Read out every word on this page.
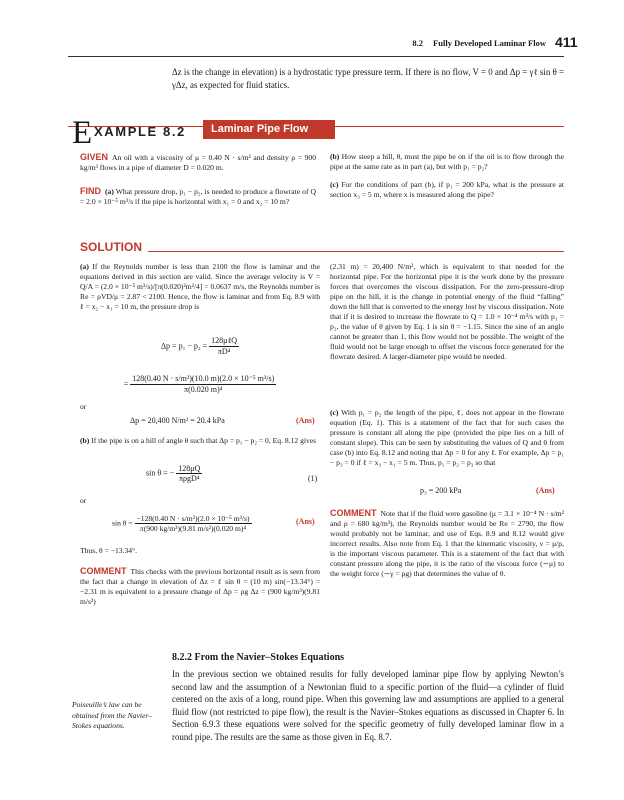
8.2 Fully Developed Laminar Flow 411
Δz is the change in elevation) is a hydrostatic type pressure term. If there is no flow, V = 0 and Δp = γℓ sin θ = γΔz, as expected for fluid statics.
E XAMPLE 8.2	Laminar Pipe Flow
GIVEN An oil with a viscosity of μ = 0.40 N · s/m² and density ρ = 900 kg/m³ flows in a pipe of diameter D = 0.020 m.
FIND (a) What pressure drop, p₁ − p₂, is needed to produce a flowrate of Q = 2.0 × 10⁻⁵ m³/s if the pipe is horizontal with x₁ = 0 and x₂ = 10 m?
(b) How steep a hill, θ, must the pipe be on if the oil is to flow through the pipe at the same rate as in part (a), but with p₁ = p₂?
(c) For the conditions of part (b), if p₁ = 200 kPa, what is the pressure at section x₃ = 5 m, where x is measured along the pipe?
SOLUTION
(a) If the Reynolds number is less than 2100 the flow is laminar and the equations derived in this section are valid. Since the average velocity is V = Q/A = (2.0 × 10⁻⁵ m³/s)/[π(0.020)²m²/4] = 0.0637 m/s, the Reynolds number is Re = ρVD/μ = 2.87 < 2100. Hence, the flow is laminar and from Eq. 8.9 with ℓ = x₂ − x₁ = 10 m, the pressure drop is
$\Delta p = p_1 - p_2 = \frac{\text{128μℓQ}}{\text{πD⁴}}$
= $\frac{\text{128(0.40 N · s/m²)(10.0 m)(2.0 × 10⁻⁵ m³/s)}}{\text{π(0.020 m)⁴}}$
or
Δp = 20,400 N/m² = 20.4 kPa	(Ans)
(b) If the pipe is on a hill of angle θ such that Δp = p₁ − p₂ = 0, Eq. 8.12 gives
sin θ = − $\frac{128\mu Q}{\text{πρgD⁴}}$	(1)
or
$\sin \theta = \frac{\text{−128(0.40 N · s/m²)(2.0 × 10⁻⁵ m³/s)}}{\text{π(900 kg/m³)(9.81 m/s²)(0.020 m)⁴}}$	(Ans)
Thus, θ = −13.34°.
COMMENT This checks with the previous horizontal result as is seen from the fact that a change in elevation of Δz = ℓ sin θ = (10 m) sin(−13.34°) = −2.31 m is equivalent to a pressure change of Δp = ρg Δz = (900 kg/m³)(9.81 m/s²)
(2.31 m) = 20,400 N/m², which is equivalent to that needed for the horizontal pipe. For the horizontal pipe it is the work done by the pressure forces that overcomes the viscous dissipation. For the zero-pressure-drop pipe on the hill, it is the change in potential energy of the fluid “falling” down the hill that is converted to the energy lost by viscous dissipation. Note that if it is desired to increase the flowrate to Q = 1.0 × 10⁻⁴ m³/s with p₁ = p₂, the value of θ given by Eq. 1 is sin θ = −1.15. Since the sine of an angle cannot be greater than 1, this flow would not be possible. The weight of the fluid would not be large enough to offset the viscous force generated for the flowrate desired. A larger-diameter pipe would be needed.
(c) With p₁ = p₂ the length of the pipe, ℓ, does not appear in the flowrate equation (Eq. 1). This is a statement of the fact that for such cases the pressure is constant all along the pipe (provided the pipe lies on a hill of constant slope). This can be seen by substituting the values of Q and θ from case (b) into Eq. 8.12 and noting that Δp = 0 for any ℓ. For example, Δp = p₁ − p₃ = 0 if ℓ = x₃ − x₁ = 5 m. Thus, p₁ = p₂ = p₃ so that
p₃ = 200 kPa	(Ans)
COMMENT Note that if the fluid were gasoline (μ = 3.1 × 10⁻⁴ N · s/m² and ρ = 680 kg/m³), the Reynolds number would be Re = 2790, the flow would probably not be laminar, and use of Eqs. 8.9 and 8.12 would give incorrect results. Also note from Eq. 1 that the kinematic viscosity, ν = μ/ρ, is the important viscous parameter. This is a statement of the fact that with constant pressure along the pipe, it is the ratio of the viscous force (∼μ) to the weight force (∼γ = ρg) that determines the value of θ.
8.2.2 From the Navier–Stokes Equations
In the previous section we obtained results for fully developed laminar pipe flow by applying Newton’s second law and the assumption of a Newtonian fluid to a specific portion of the fluid—a cylinder of fluid centered on the axis of a long, round pipe. When this governing law and assumptions are applied to a general fluid flow (not restricted to pipe flow), the result is the Navier–Stokes equations as discussed in Chapter 6. In Section 6.9.3 these equations were solved for the specific geometry of fully developed laminar flow in a round pipe. The results are the same as those given in Eq. 8.7.
Poiseuille’s law can be obtained from the Navier–Stokes equations.
